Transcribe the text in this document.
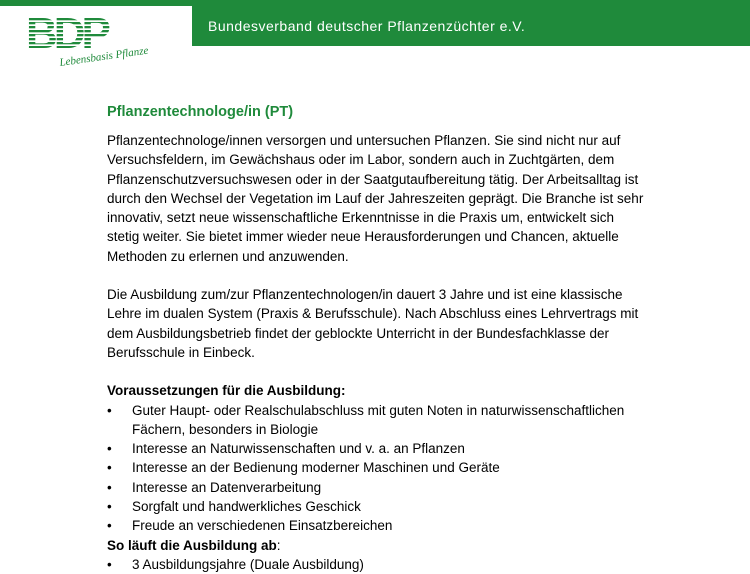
BDP
Lebensbasis Pflanze
Bundesverband deutscher Pflanzenzüchter e.V.
Pflanzentechnologe/in (PT)

Pflanzentechnologe/innen versorgen und untersuchen Pflanzen. Sie sind nicht nur auf Versuchsfeldern, im Gewächshaus oder im Labor, sondern auch in Zuchtgärten, dem Pflanzenschutzversuchswesen oder in der Saatgutaufbereitung tätig. Der Arbeitsalltag ist durch den Wechsel der Vegetation im Lauf der Jahreszeiten geprägt. Die Branche ist sehr innovativ, setzt neue wissenschaftliche Erkenntnisse in die Praxis um, entwickelt sich stetig weiter. Sie bietet immer wieder neue Herausforderungen und Chancen, aktuelle Methoden zu erlernen und anzuwenden.

Die Ausbildung zum/zur Pflanzentechnologen/in dauert 3 Jahre und ist eine klassische Lehre im dualen System (Praxis & Berufsschule). Nach Abschluss eines Lehrvertrags mit dem Ausbildungsbetrieb findet der geblockte Unterricht in der Bundesfachklasse der Berufsschule in Einbeck.

Voraussetzungen für die Ausbildung:

• Guter Haupt- oder Realschulabschluss mit guten Noten in naturwissenschaftlichen Fächern, besonders in Biologie
• Interesse an Naturwissenschaften und v. a. an Pflanzen
• Interesse an der Bedienung moderner Maschinen und Geräte
• Interesse an Datenverarbeitung
• Sorgfalt und handwerkliches Geschick
• Freude an verschiedenen Einsatzbereichen

So läuft die Ausbildung ab:

• 3 Ausbildungsjahre (Duale Ausbildung)
